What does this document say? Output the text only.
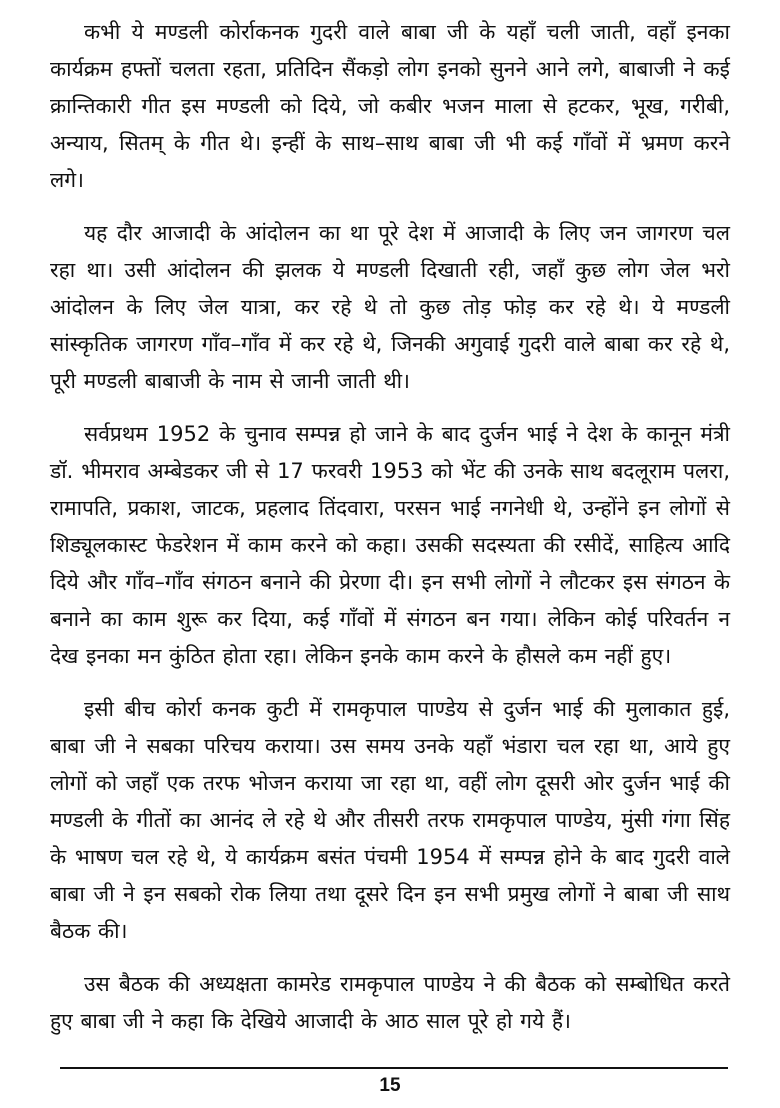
कभी ये मण्डली कोर्राकनक गुदरी वाले बाबा जी के यहाँ चली जाती, वहाँ इनका कार्यक्रम हफ्तों चलता रहता, प्रतिदिन सैंकड़ो लोग इनको सुनने आने लगे, बाबाजी ने कई क्रान्तिकारी गीत इस मण्डली को दिये, जो कबीर भजन माला से हटकर, भूख, गरीबी, अन्याय, सितम् के गीत थे। इन्हीं के साथ–साथ बाबा जी भी कई गाँवों में भ्रमण करने लगे।

यह दौर आजादी के आंदोलन का था पूरे देश में आजादी के लिए जन जागरण चल रहा था। उसी आंदोलन की झलक ये मण्डली दिखाती रही, जहाँ कुछ लोग जेल भरो आंदोलन के लिए जेल यात्रा, कर रहे थे तो कुछ तोड़ फोड़ कर रहे थे। ये मण्डली सांस्कृतिक जागरण गाँव–गाँव में कर रहे थे, जिनकी अगुवाई गुदरी वाले बाबा कर रहे थे, पूरी मण्डली बाबाजी के नाम से जानी जाती थी।

सर्वप्रथम 1952 के चुनाव सम्पन्न हो जाने के बाद दुर्जन भाई ने देश के कानून मंत्री डॉ. भीमराव अम्बेडकर जी से 17 फरवरी 1953 को भेंट की उनके साथ बदलूराम पलरा, रामापति, प्रकाश, जाटक, प्रहलाद तिंदवारा, परसन भाई नगनेधी थे, उन्होंने इन लोगों से शिड्यूलकास्ट फेडरेशन में काम करने को कहा। उसकी सदस्यता की रसीदें, साहित्य आदि दिये और गाँव–गाँव संगठन बनाने की प्रेरणा दी। इन सभी लोगों ने लौटकर इस संगठन के बनाने का काम शुरू कर दिया, कई गाँवों में संगठन बन गया। लेकिन कोई परिवर्तन न देख इनका मन कुंठित होता रहा। लेकिन इनके काम करने के हौसले कम नहीं हुए।

इसी बीच कोर्रा कनक कुटी में रामकृपाल पाण्डेय से दुर्जन भाई की मुलाकात हुई, बाबा जी ने सबका परिचय कराया। उस समय उनके यहाँ भंडारा चल रहा था, आये हुए लोगों को जहाँ एक तरफ भोजन कराया जा रहा था, वहीं लोग दूसरी ओर दुर्जन भाई की मण्डली के गीतों का आनंद ले रहे थे और तीसरी तरफ रामकृपाल पाण्डेय, मुंसी गंगा सिंह के भाषण चल रहे थे, ये कार्यक्रम बसंत पंचमी 1954 में सम्पन्न होने के बाद गुदरी वाले बाबा जी ने इन सबको रोक लिया तथा दूसरे दिन इन सभी प्रमुख लोगों ने बाबा जी साथ बैठक की।

उस बैठक की अध्यक्षता कामरेड रामकृपाल पाण्डेय ने की बैठक को सम्बोधित करते हुए बाबा जी ने कहा कि देखिये आजादी के आठ साल पूरे हो गये हैं।

15
